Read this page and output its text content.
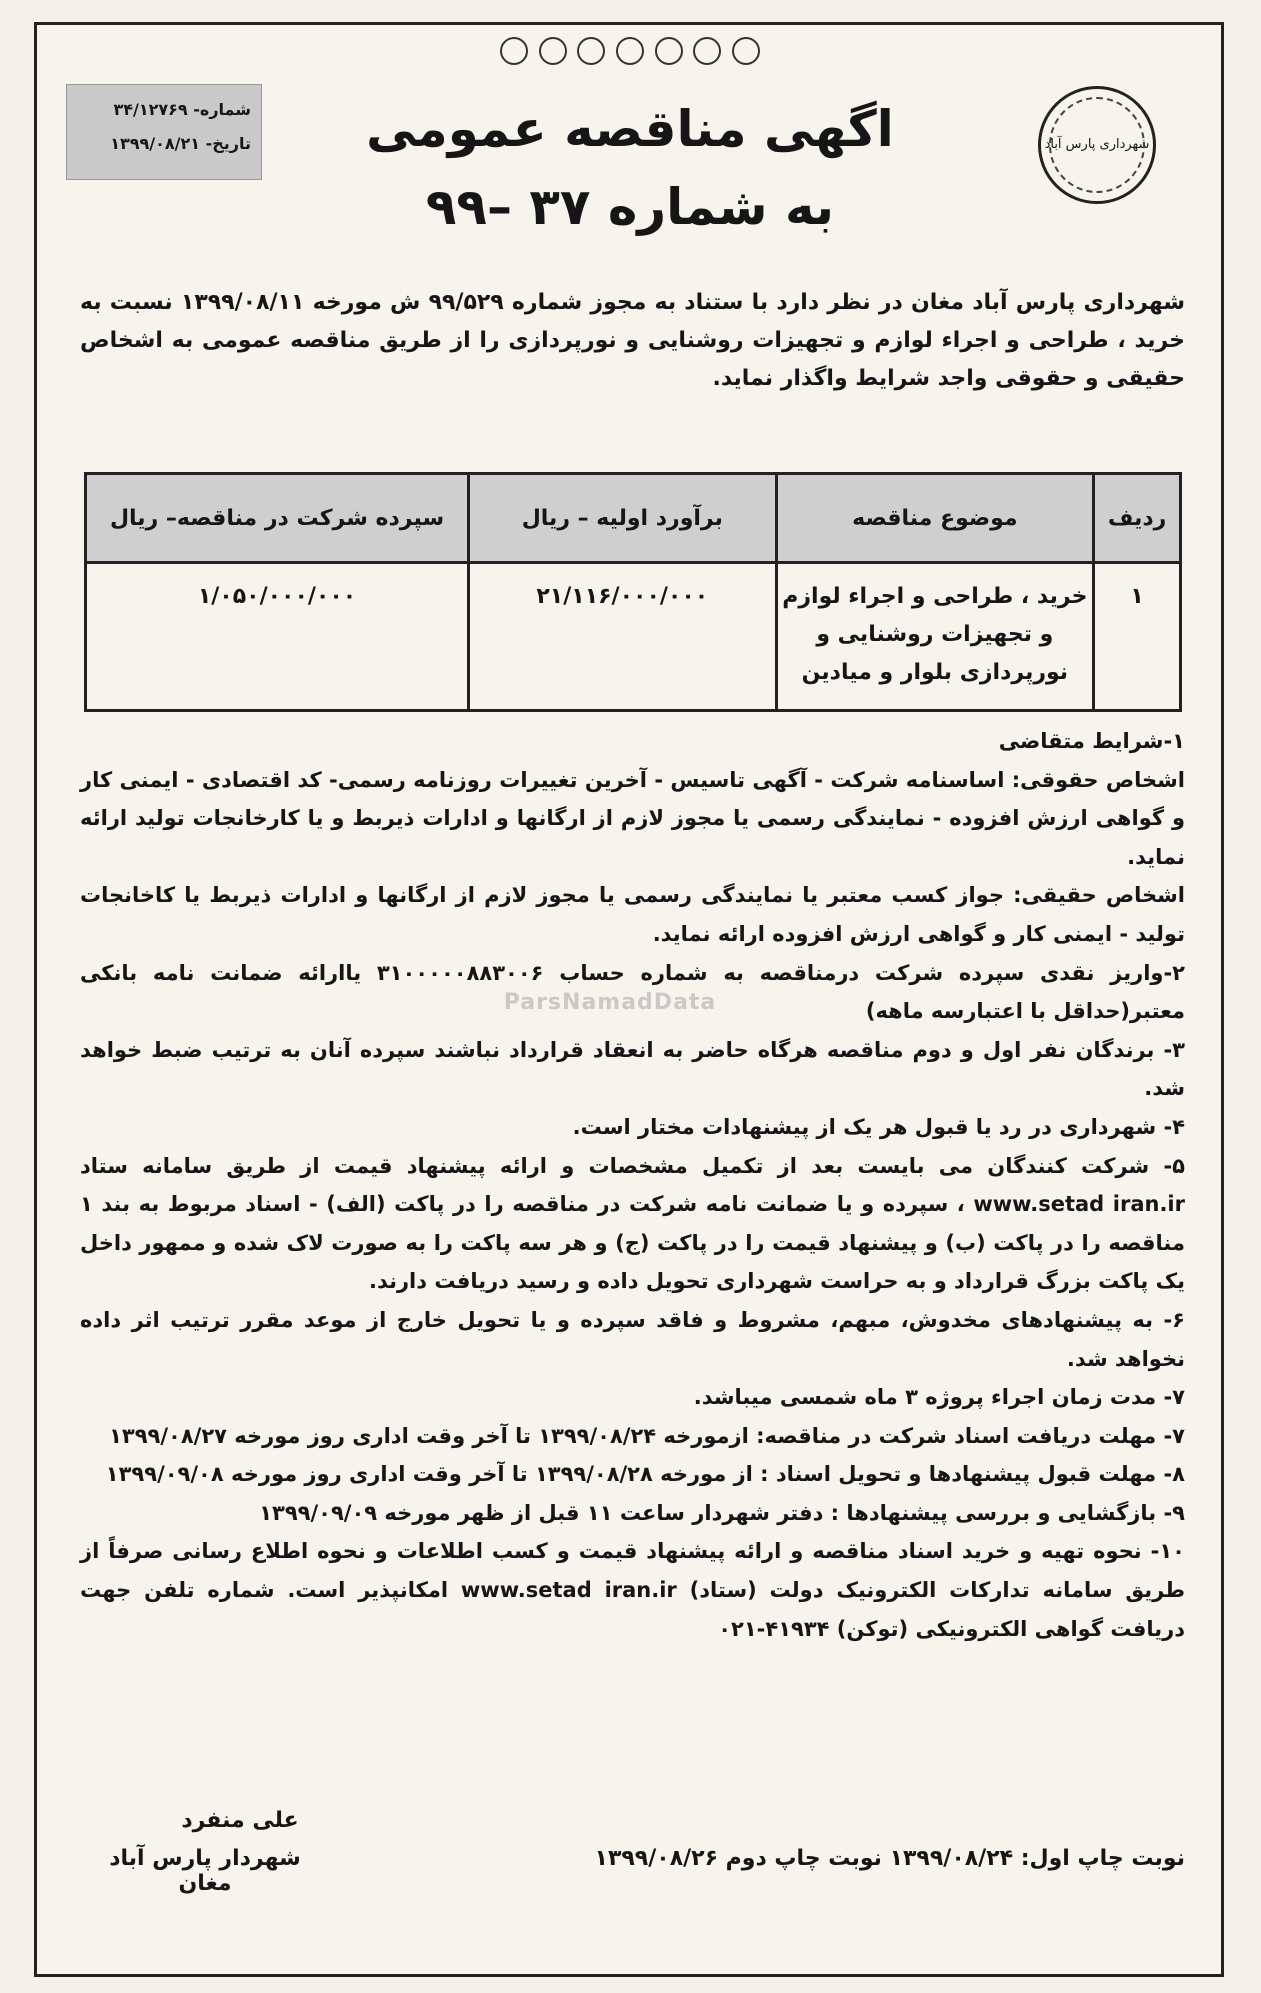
شماره- ۳۴/۱۲۷۶۹
تاریخ- ۱۳۹۹/۰۸/۲۱	شهرداری پارس آباد
اگهی مناقصه عمومی
به شماره ۳۷ –۹۹
شهرداری پارس آباد مغان در نظر دارد با ستناد به مجوز شماره ۹۹/۵۲۹ ش مورخه ۱۳۹۹/۰۸/۱۱ نسبت به خرید ، طراحی و اجراء لوازم و تجهیزات روشنایی و نورپردازی را از طریق مناقصه عمومی به اشخاص حقیقی و حقوقی واجد شرایط واگذار نماید.
ردیف	موضوع مناقصه	برآورد اولیه – ریال	سپرده شرکت در مناقصه– ریال
۱	خرید ، طراحی و اجراء لوازم و تجهیزات روشنایی و نورپردازی بلوار و میادین	۲۱/۱۱۶/۰۰۰/۰۰۰	۱/۰۵۰/۰۰۰/۰۰۰

۱-شرایط متقاضی

اشخاص حقوقی: اساسنامه شرکت - آگهی تاسیس - آخرین تغییرات روزنامه رسمی- کد اقتصادی - ایمنی کار و گواهی ارزش افزوده - نمایندگی رسمی یا مجوز لازم از ارگانها و ادارات ذیربط و یا کارخانجات تولید ارائه نماید.

اشخاص حقیقی: جواز کسب معتبر یا نمایندگی رسمی یا مجوز لازم از ارگانها و ادارات ذیربط یا کاخانجات تولید - ایمنی کار و گواهی ارزش افزوده ارائه نماید.

۲-واریز نقدی سپرده شرکت درمناقصه به شماره حساب ۳۱۰۰۰۰۰۸۸۳۰۰۶ یاارائه ضمانت نامه بانکی معتبر(حداقل با اعتبارسه ماهه)

۳- برندگان نفر اول و دوم مناقصه هرگاه حاضر به انعقاد قرارداد نباشند سپرده آنان به ترتیب ضبط خواهد شد.

۴- شهرداری در رد یا قبول هر یک از پیشنهادات مختار است.

۵- شرکت کنندگان می بایست بعد از تکمیل مشخصات و ارائه پیشنهاد قیمت از طریق سامانه ستاد www.setad iran.ir ، سپرده و یا ضمانت نامه شرکت در مناقصه را در پاکت (الف) - اسناد مربوط به بند ۱ مناقصه را در پاکت (ب) و پیشنهاد قیمت را در پاکت (ج) و هر سه پاکت را به صورت لاک شده و ممهور داخل یک پاکت بزرگ قرارداد و به حراست شهرداری تحویل داده و رسید دریافت دارند.

۶- به پیشنهادهای مخدوش، مبهم، مشروط و فاقد سپرده و یا تحویل خارج از موعد مقرر ترتیب اثر داده نخواهد شد.

۷- مدت زمان اجراء پروژه ۳ ماه شمسی میباشد.

۷- مهلت دریافت اسناد شرکت در مناقصه: ازمورخه ۱۳۹۹/۰۸/۲۴ تا آخر وقت اداری روز مورخه ۱۳۹۹/۰۸/۲۷

۸- مهلت قبول پیشنهادها و تحویل اسناد : از مورخه ۱۳۹۹/۰۸/۲۸ تا آخر وقت اداری روز مورخه ۱۳۹۹/۰۹/۰۸

۹- بازگشایی و بررسی پیشنهادها : دفتر شهردار ساعت ۱۱ قبل از ظهر مورخه ۱۳۹۹/۰۹/۰۹

۱۰- نحوه تهیه و خرید اسناد مناقصه و ارائه پیشنهاد قیمت و کسب اطلاعات و نحوه اطلاع رسانی صرفاً از طریق سامانه تدارکات الکترونیک دولت (ستاد) www.setad iran.ir امکانپذیر است. شماره تلفن جهت دریافت گواهی الکترونیکی (توکن) ۴۱۹۳۴-۰۲۱

ParsNamadData
علی منفرد
شهردار پارس آباد مغان
نوبت چاپ اول: ۱۳۹۹/۰۸/۲۴ نوبت چاپ دوم ۱۳۹۹/۰۸/۲۶
